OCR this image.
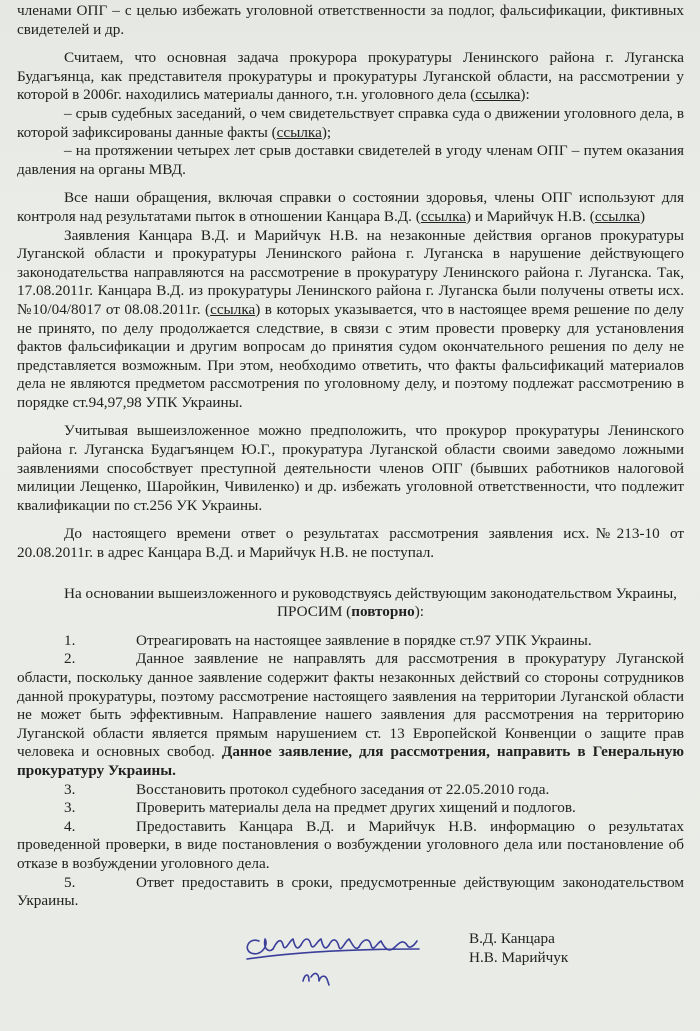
членами ОПГ – с целью избежать уголовной ответственности за подлог, фальсификации, фиктивных свидетелей и др.

Считаем, что основная задача прокурора прокуратуры Ленинского района г. Луганска Будагъянца, как представителя прокуратуры и прокуратуры Луганской области, на рассмотрении у которой в 2006г. находились материалы данного, т.н. уголовного дела (ссылка):

– срыв судебных заседаний, о чем свидетельствует справка суда о движении уголовного дела, в которой зафиксированы данные факты (ссылка);

– на протяжении четырех лет срыв доставки свидетелей в угоду членам ОПГ – путем оказания давления на органы МВД.

Все наши обращения, включая справки о состоянии здоровья, члены ОПГ используют для контроля над результатами пыток в отношении Канцара В.Д. (ссылка) и Марийчук Н.В. (ссылка)

Заявления Канцара В.Д. и Марийчук Н.В. на незаконные действия органов прокуратуры Луганской области и прокуратуры Ленинского района г. Луганска в нарушение действующего законодательства направляются на рассмотрение в прокуратуру Ленинского района г. Луганска. Так, 17.08.2011г. Канцара В.Д. из прокуратуры Ленинского района г. Луганска были получены ответы исх.№10/04/8017 от 08.08.2011г. (ссылка) в которых указывается, что в настоящее время решение по делу не принято, по делу продолжается следствие, в связи с этим провести проверку для установления фактов фальсификации и другим вопросам до принятия судом окончательного решения по делу не представляется возможным. При этом, необходимо ответить, что факты фальсификаций материалов дела не являются предметом рассмотрения по уголовному делу, и поэтому подлежат рассмотрению в порядке ст.94,97,98 УПК Украины.

Учитывая вышеизложенное можно предположить, что прокурор прокуратуры Ленинского района г. Луганска Будагъянцем Ю.Г., прокуратура Луганской области своими заведомо ложными заявлениями способствует преступной деятельности членов ОПГ (бывших работников налоговой милиции Лещенко, Шаройкин, Чивиленко) и др. избежать уголовной ответственности, что подлежит квалификации по ст.256 УК Украины.

До настоящего времени ответ о результатах рассмотрения заявления исх.№213-10 от 20.08.2011г. в адрес Канцара В.Д. и Марийчук Н.В. не поступал.

На основании вышеизложенного и руководствуясь действующим законодательством Украины,

ПРОСИМ (повторно):

1.	Отреагировать на настоящее заявление в порядке ст.97 УПК Украины.

2.	Данное заявление не направлять для рассмотрения в прокуратуру Луганской области, поскольку данное заявление содержит факты незаконных действий со стороны сотрудников данной прокуратуры, поэтому рассмотрение настоящего заявления на территории Луганской области не может быть эффективным. Направление нашего заявления для рассмотрения на территорию Луганской области является прямым нарушением ст. 13 Европейской Конвенции о защите прав человека и основных свобод. Данное заявление, для рассмотрения, направить в Генеральную прокуратуру Украины.

3.	Восстановить протокол судебного заседания от 22.05.2010 года.

3.	Проверить материалы дела на предмет других хищений и подлогов.

4.	Предоставить Канцара В.Д. и Марийчук Н.В. информацию о результатах проведенной проверки, в виде постановления о возбуждении уголовного дела или постановление об отказе в возбуждении уголовного дела.

5.	Ответ предоставить в сроки, предусмотренные действующим законодательством Украины.

В.Д. Канцара
Н.В. Марийчук
